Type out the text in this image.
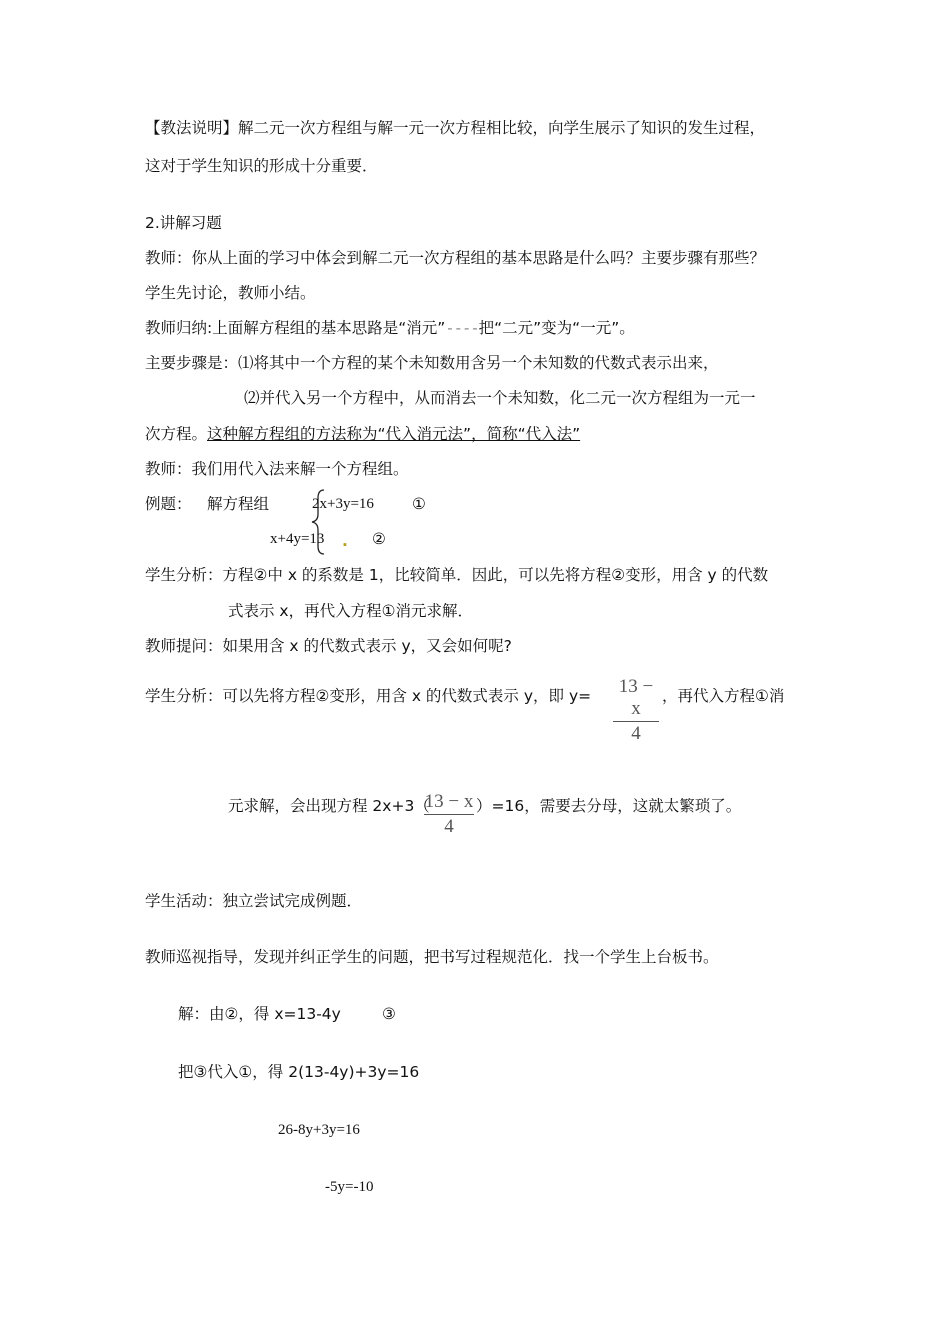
【教法说明】解二元一次方程组与解一元一次方程相比较，向学生展示了知识的发生过程，
这对于学生知识的形成十分重要．
2.讲解习题
教师：你从上面的学习中体会到解二元一次方程组的基本思路是什么吗？主要步骤有那些？
学生先讨论，教师小结。
教师归纳:上面解方程组的基本思路是“消元”----把“二元”变为“一元”。
主要步骤是：⑴将其中一个方程的某个未知数用含另一个未知数的代数式表示出来，
⑵并代入另一个方程中，从而消去一个未知数，化二元一次方程组为一元一
次方程。这种解方程组的方法称为“代入消元法”，简称“代入法”
教师：我们用代入法来解一个方程组。
例题： 解方程组	2x+3y=16 ①
x+4y=13 . ②
学生分析：方程②中 x 的系数是 1，比较简单．因此，可以先将方程②变形，用含 y 的代数
式表示 x，再代入方程①消元求解．
教师提问：如果用含 x 的代数式表示 y，又会如何呢?
学生分析：可以先将方程②变形，用含 x 的代数式表示 y，即 y=	13 − x
4
，再代入方程①消
元求解，会出现方程 2x+3（
13 − x
4
）=16，需要去分母，这就太繁琐了。
学生活动：独立尝试完成例题．
教师巡视指导，发现并纠正学生的问题，把书写过程规范化．找一个学生上台板书。
解：由②，得 x=13-4y	③
把③代入①，得 2(13-4y)+3y=16
26-8y+3y=16
-5y=-10
